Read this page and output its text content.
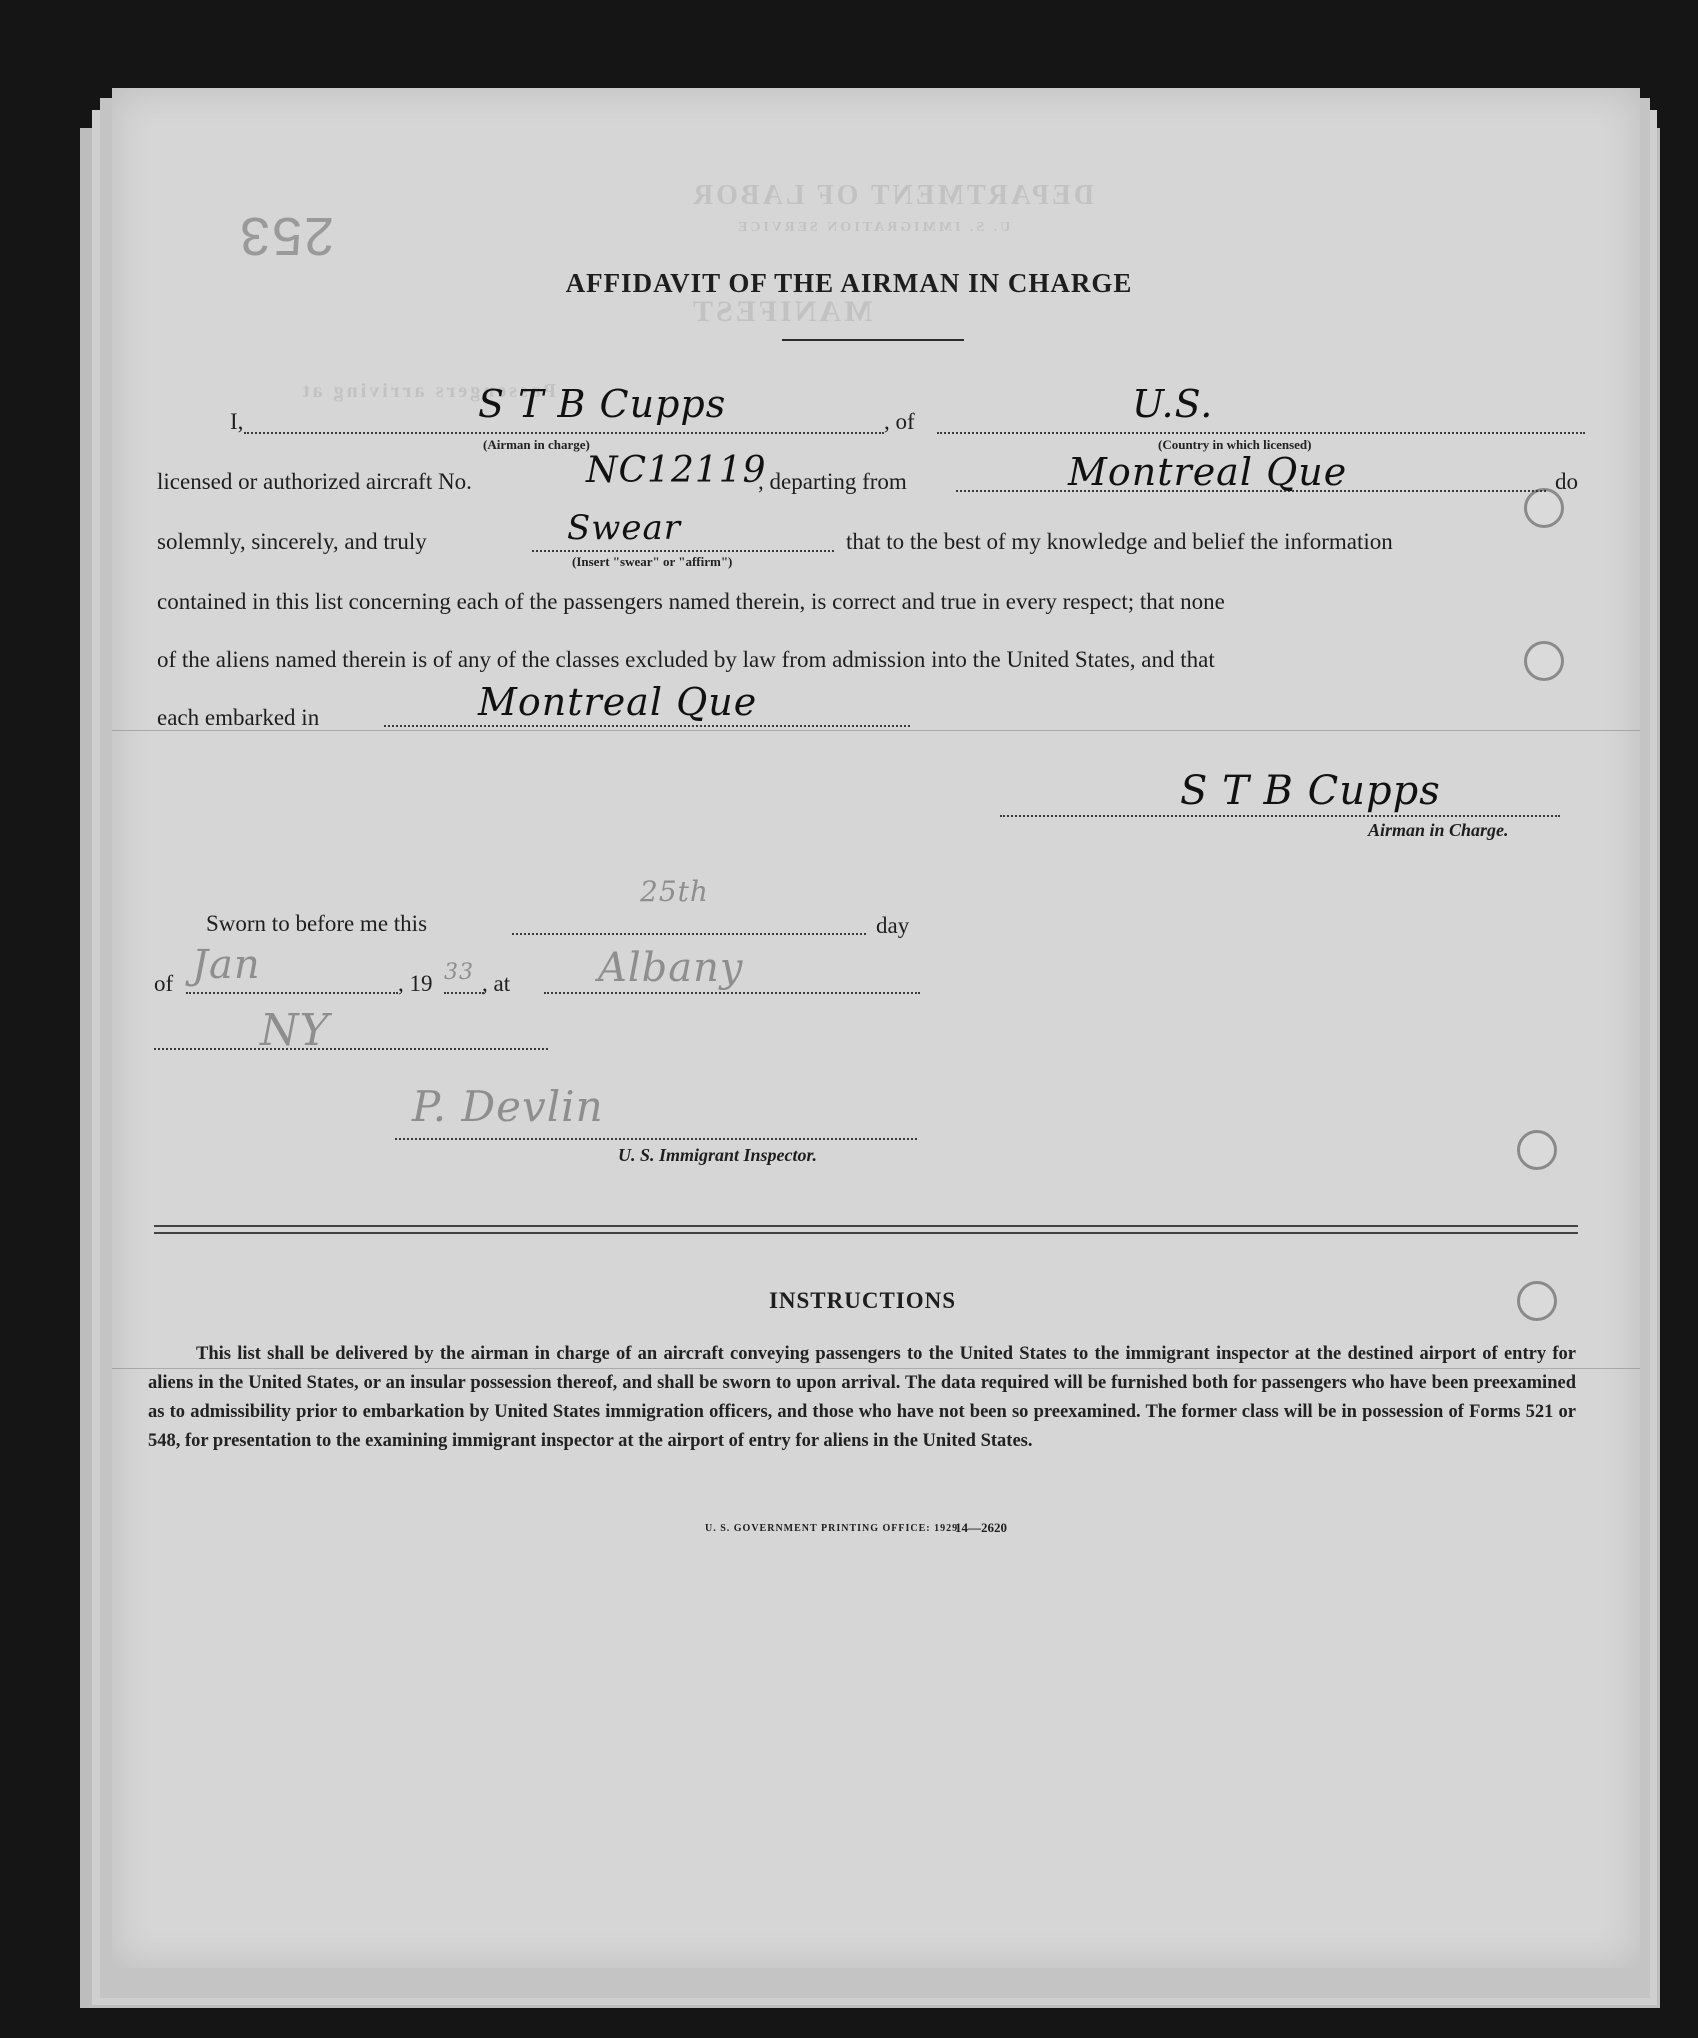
DEPARTMENT OF LABOR
U. S. IMMIGRATION SERVICE
MANIFEST
Passengers arriving at
253
AFFIDAVIT OF THE AIRMAN IN CHARGE
I,	S T B Cupps
(Airman in charge)
, of	U.S.
(Country in which licensed)
licensed or authorized aircraft No.	NC12119
, departing from	Montreal Que	do
solemnly, sincerely, and truly	Swear
(Insert "swear" or "affirm")
that to the best of my knowledge and belief the information
contained in this list concerning each of the passengers named therein, is correct and true in every respect; that none
of the aliens named therein is of any of the classes excluded by law from admission into the United States, and that
each embarked in	Montreal Que
S T B Cupps
Airman in Charge.
Sworn to before me this
25th
day
of Jan	, 19 33 , at Albany
NY
P. Devlin
U. S. Immigrant Inspector.
INSTRUCTIONS
This list shall be delivered by the airman in charge of an aircraft conveying passengers to the United States to the immigrant inspector at the destined airport of entry for aliens in the United States, or an insular possession thereof, and shall be sworn to upon arrival. The data required will be furnished both for passengers who have been preexamined as to admissibility prior to embarkation by United States immigration officers, and those who have not been so preexamined. The former class will be in possession of Forms 521 or 548, for presentation to the examining immigrant inspector at the airport of entry for aliens in the United States.
U. S. GOVERNMENT PRINTING OFFICE: 1929
14—2620
